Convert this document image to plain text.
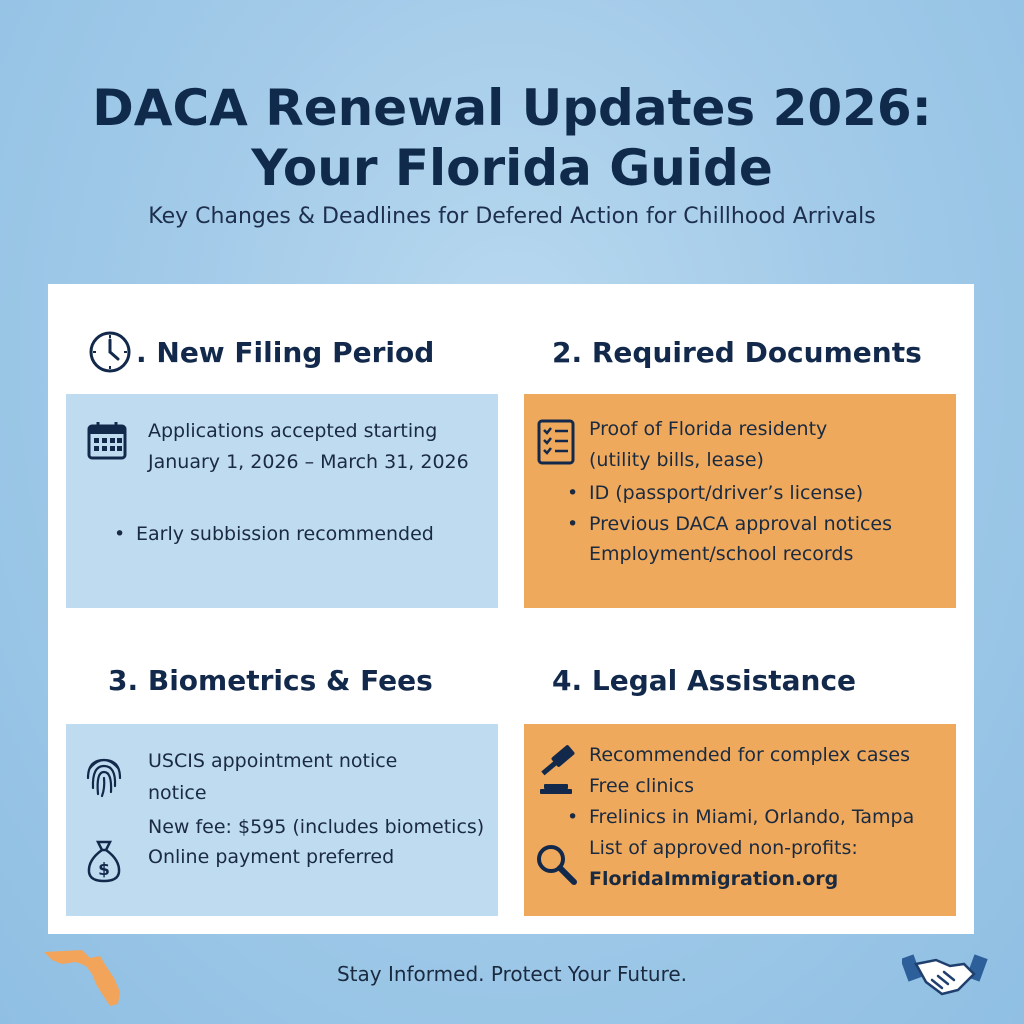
DACA Renewal Updates 2026:
Your Florida Guide
Key Changes & Deadlines for Defered Action for Chillhood Arrivals
. New Filing Period
Applications accepted starting
January 1, 2026 – March 31, 2026
• Early subbission recommended
2. Required Documents
Proof of Florida residenty
(utility bills, lease)
• ID (passport/driver’s license)
• Previous DACA approval notices
Employment/school records
3. Biometrics & Fees
$
USCIS appointment notice
notice
New fee: $595 (includes biometics)
Online payment preferred
4. Legal Assistance
Recommended for complex cases
Free clinics
• Frelinics in Miami, Orlando, Tampa
List of approved non-profits:
FloridaImmigration.org
Stay Informed. Protect Your Future.
